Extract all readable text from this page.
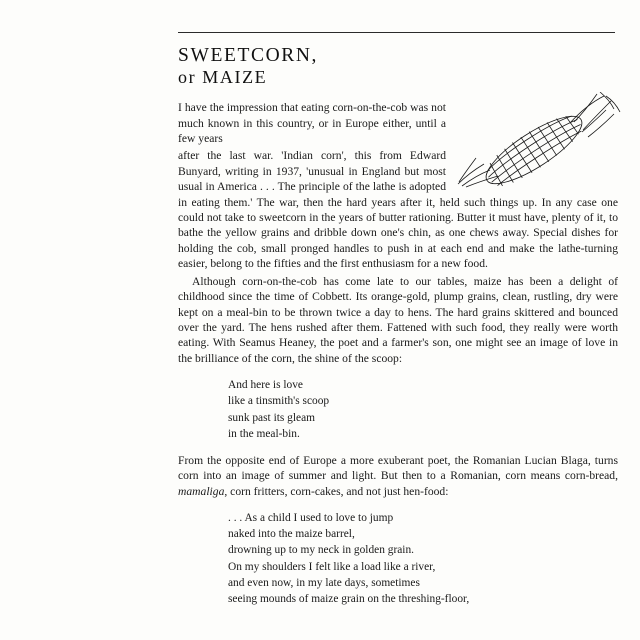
SWEETCORN,
or MAIZE

I have the impression that eating corn-on-the-cob was not much known in this country, or in Europe either, until a few years

after the last war. 'Indian corn', this from Edward Bunyard, writing in 1937, 'unusual in England but most usual in America . . . The principle of the lathe is adopted in eating them.' The war, then the hard years after it, held such things up. In any case one could not take to sweetcorn in the years of butter rationing. Butter it must have, plenty of it, to bathe the yellow grains and dribble down one's chin, as one chews away. Special dishes for holding the cob, small pronged handles to push in at each end and make the lathe-turning easier, belong to the fifties and the first enthusiasm for a new food.

Although corn-on-the-cob has come late to our tables, maize has been a delight of childhood since the time of Cobbett. Its orange-gold, plump grains, clean, rustling, dry were kept on a meal-bin to be thrown twice a day to hens. The hard grains skittered and bounced over the yard. The hens rushed after them. Fattened with such food, they really were worth eating. With Seamus Heaney, the poet and a farmer's son, one might see an image of love in the brilliance of the corn, the shine of the scoop:

And here is love
like a tinsmith's scoop
sunk past its gleam
in the meal-bin.

From the opposite end of Europe a more exuberant poet, the Romanian Lucian Blaga, turns corn into an image of summer and light. But then to a Romanian, corn means corn-bread, mamaliga, corn fritters, corn-cakes, and not just hen-food:

. . . As a child I used to love to jump
naked into the maize barrel,
drowning up to my neck in golden grain.
On my shoulders I felt like a load like a river,
and even now, in my late days, sometimes
seeing mounds of maize grain on the threshing-floor,
